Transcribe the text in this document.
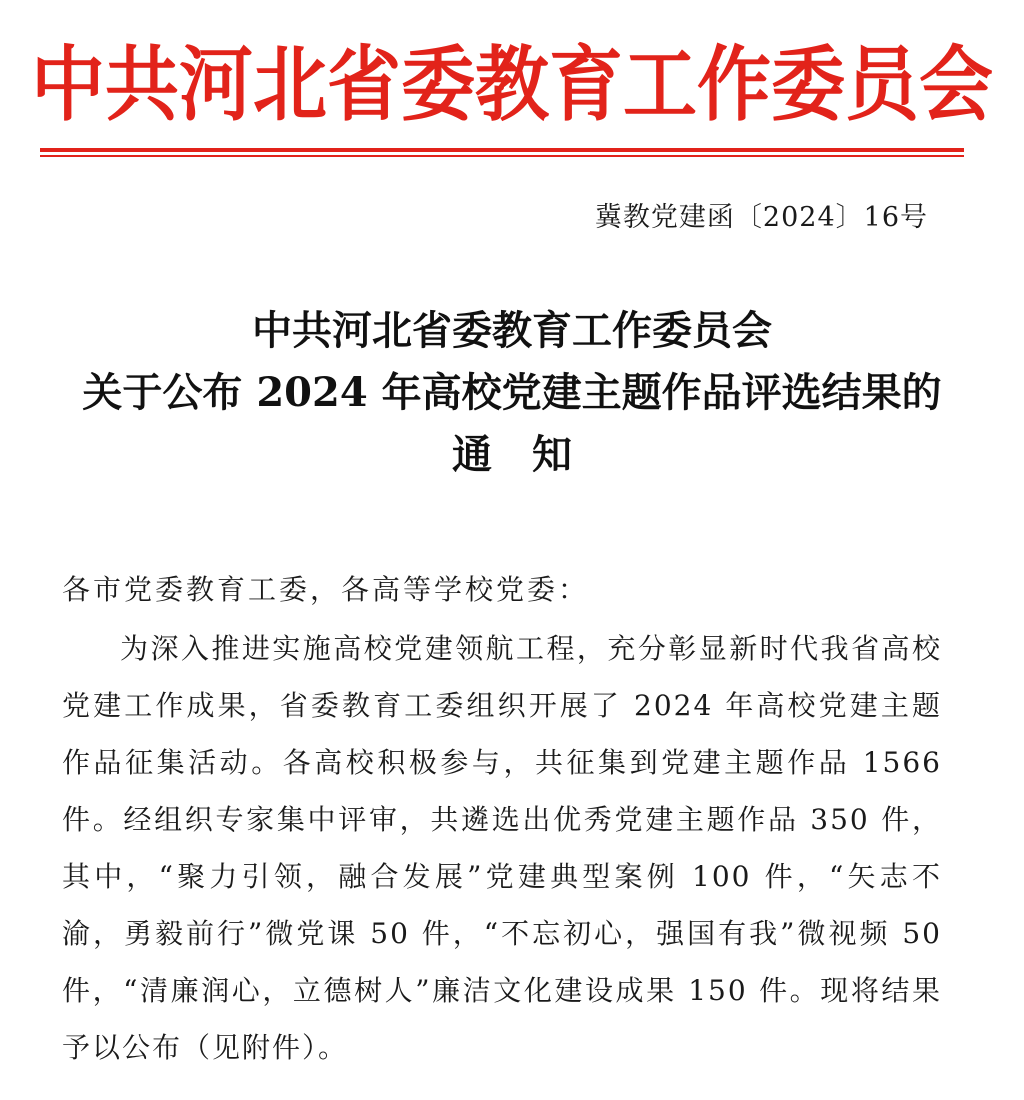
中共河北省委教育工作委员会
冀教党建函〔2024〕16号
中共河北省委教育工作委员会
关于公布 2024 年高校党建主题作品评选结果的
通知
各市党委教育工委，各高等学校党委：

为深入推进实施高校党建领航工程，充分彰显新时代我省高校党建工作成果，省委教育工委组织开展了 2024 年高校党建主题作品征集活动。各高校积极参与，共征集到党建主题作品 1566 件。经组织专家集中评审，共遴选出优秀党建主题作品 350 件，其中，“聚力引领，融合发展”党建典型案例 100 件，“矢志不渝，勇毅前行”微党课 50 件，“不忘初心，强国有我”微视频 50 件，“清廉润心，立德树人”廉洁文化建设成果 150 件。现将结果予以公布（见附件）。
